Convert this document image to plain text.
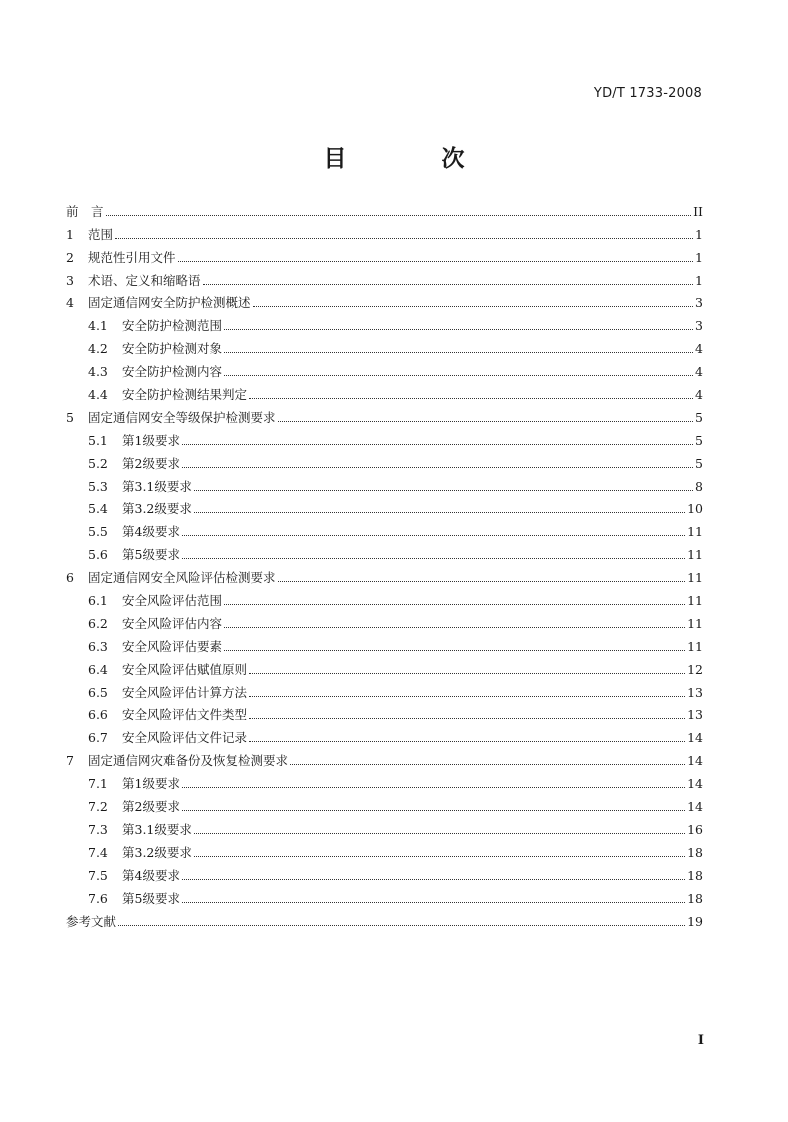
YD/T 1733-2008
目　次
前　言	II
1	范围	1
2	规范性引用文件	1
3	术语、定义和缩略语	1
4	固定通信网安全防护检测概述	3
4.1	安全防护检测范围	3
4.2	安全防护检测对象	4
4.3	安全防护检测内容	4
4.4	安全防护检测结果判定	4
5	固定通信网安全等级保护检测要求	5
5.1	第1级要求	5
5.2	第2级要求	5
5.3	第3.1级要求	8
5.4	第3.2级要求	10
5.5	第4级要求	11
5.6	第5级要求	11
6	固定通信网安全风险评估检测要求	11
6.1	安全风险评估范围	11
6.2	安全风险评估内容	11
6.3	安全风险评估要素	11
6.4	安全风险评估赋值原则	12
6.5	安全风险评估计算方法	13
6.6	安全风险评估文件类型	13
6.7	安全风险评估文件记录	14
7	固定通信网灾难备份及恢复检测要求	14
7.1	第1级要求	14
7.2	第2级要求	14
7.3	第3.1级要求	16
7.4	第3.2级要求	18
7.5	第4级要求	18
7.6	第5级要求	18
参考文献	19
I
